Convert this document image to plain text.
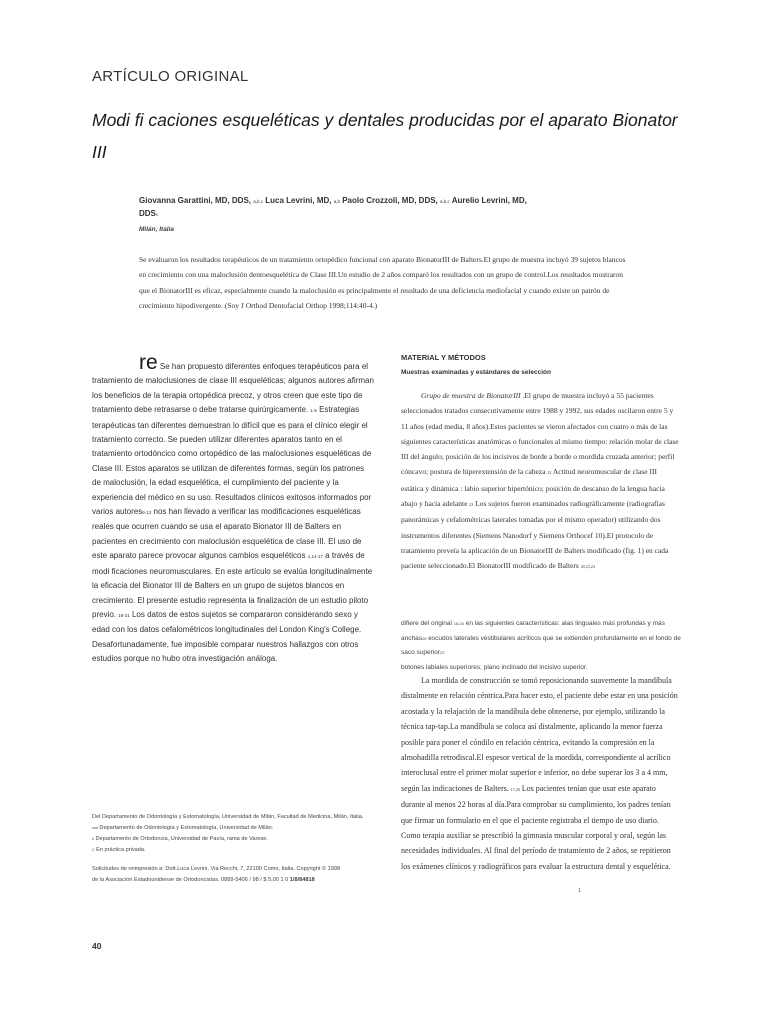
ARTÍCULO ORIGINAL
Modi fi caciones esqueléticas y dentales producidas por el aparato Bionator III
Giovanna Garattini, MD, DDS, a,b,c Luca Levrini, MD, a,b Paolo Crozzoli, MD, DDS, a,b,c Aurelio Levrini, MD,
DDSc
Milán, Italia
Se evaluaron los resultados terapéuticos de un tratamiento ortopédico funcional con aparato BionatorIII de Balters.El grupo de muestra incluyó 39 sujetos blancos en crecimiento con una maloclusión dentoesquelética de Clase III.Un estudio de 2 años comparó los resultados con un grupo de control.Los resultados mostraron que el BionatorIII es eficaz, especialmente cuando la maloclusión es principalmente el resultado de una deficiencia mediofacial y cuando existe un patrón de crecimiento hipodivergente. (Soy J Orthod Dentofacial Orthop 1998;114:40-4.)
re Se han propuesto diferentes enfoques terapéuticos para el tratamiento de maloclusiones de clase III esqueléticas; algunos autores afirman los beneficios de la terapia ortopédica precoz, y otros creen que este tipo de tratamiento debe retrasarse o debe tratarse quirúrgicamente. 1-5 Estrategias terapéuticas tan diferentes demuestran lo difícil que es para el clínico elegir el tratamiento correcto. Se pueden utilizar diferentes aparatos tanto en el tratamiento ortodóncico como ortopédico de las maloclusiones esqueléticas de Clase III. Estos aparatos se utilizan de diferentes formas, según los patrones de maloclusión, la edad esquelética, el cumplimiento del paciente y la experiencia del médico en su uso. Resultados clínicos exitosos informados por varios autores6-13 nos han llevado a verificar las modificaciones esqueléticas reales que ocurren cuando se usa el aparato Bionator III de Balters en pacientes en crecimiento con maloclusión esquelética de clase III. El uso de este aparato parece provocar algunos cambios esqueléticos 1,14-17 a través de modi ficaciones neuromusculares. En este artículo se evalúa longitudinalmente la eficacia del Bionator III de Balters en un grupo de sujetos blancos en crecimiento. El presente estudio representa la finalización de un estudio piloto previo. 18-21 Los datos de estos sujetos se compararon considerando sexo y edad con los datos cefalométricos longitudinales del London King's College. Desafortunadamente, fue imposible comparar nuestros hallazgos con otros estudios porque no hubo otra investigación análoga.
MATERIAL Y MÉTODOS
Muestras examinadas y estándares de selección
Grupo de muestra de BionatorIII .El grupo de muestra incluyó a 55 pacientes seleccionados tratados consecutivamente entre 1988 y 1992, sus edades oscilaron entre 5 y 11 años (edad media, 8 años).Estos pacientes se vieron afectados con cuatro o más de las siguientes características anatómicas o funcionales al mismo tiempo: relación molar de clase III del ángulo; posición de los incisivos de borde a borde o mordida cruzada anterior; perfil cóncavo; postura de hiperextensión de la cabeza 22 Actitud neuromuscular de clase III estática y dinámica : labio superior hipertónico; posición de descanso de la lengua hacia abajo y hacia adelante 23 Los sujetos fueron examinados radiográficamente (radiografías panorámicas y cefalométricas laterales tomadas por el mismo operador) utilizando dos instrumentos diferentes (Siemens Nanodorf y Siemens Orthocef 10).El protocolo de tratamiento preveía la aplicación de un BionatorIII de Balters modificado (fig. 1) en cada paciente seleccionado.El BionatorIII modificado de Balters 20,23,24
difiere del original 18-20 en las siguientes características: alas linguales más profundas y más anchas25 escudos laterales vestibulares acrílicos que se extienden profundamente en el fondo de saco superior23
botones labiales superiores; plano inclinado del incisivo superior.
La mordida de construcción se tomó reposicionando suavemente la mandíbula distalmente en relación céntrica.Para hacer esto, el paciente debe estar en una posición acostada y la relajación de la mandíbula debe obtenerse, por ejemplo, utilizando la técnica tap-tap.La mandíbula se coloca así distalmente, aplicando la menor fuerza posible para poner el cóndilo en relación céntrica, evitando la compresión en la almohadilla retrodiscal.El espesor vertical de la mordida, correspondiente al acrílico interoclusal entre el primer molar superior e inferior, no debe superar los 3 a 4 mm, según las indicaciones de Balters. 17,20 Los pacientes tenían que usar este aparato durante al menos 22 horas al día.Para comprobar su cumplimiento, los padres tenían que firmar un formulario en el que el paciente registraba el tiempo de uso diario. Como terapia auxiliar se prescribió la gimnasia muscular corporal y oral, según las necesidades individuales. Al final del período de tratamiento de 2 años, se repitieron los exámenes clínicos y radiográficos para evaluar la estructura dental y esquelética.
1
Del Departamento de Odontología y Estomatología, Universidad de Milán, Facultad de Medicina, Milán, Italia.
una Departamento de Odontología y Estomatología, Universidad de Milán.
b Departamento de Ortodoncia, Universidad de Pavía, rama de Varese.
C En práctica privada.
Solicitudes de reimpresión a: Dott.Luca Levrini, Via Recchi, 7, 22100 Como, Italia. Copyright © 1998
de la Asociación Estadounidense de Ortodoncistas. 0889-5406 / 98 / $ 5,00 1 0 1/8/84818
40
